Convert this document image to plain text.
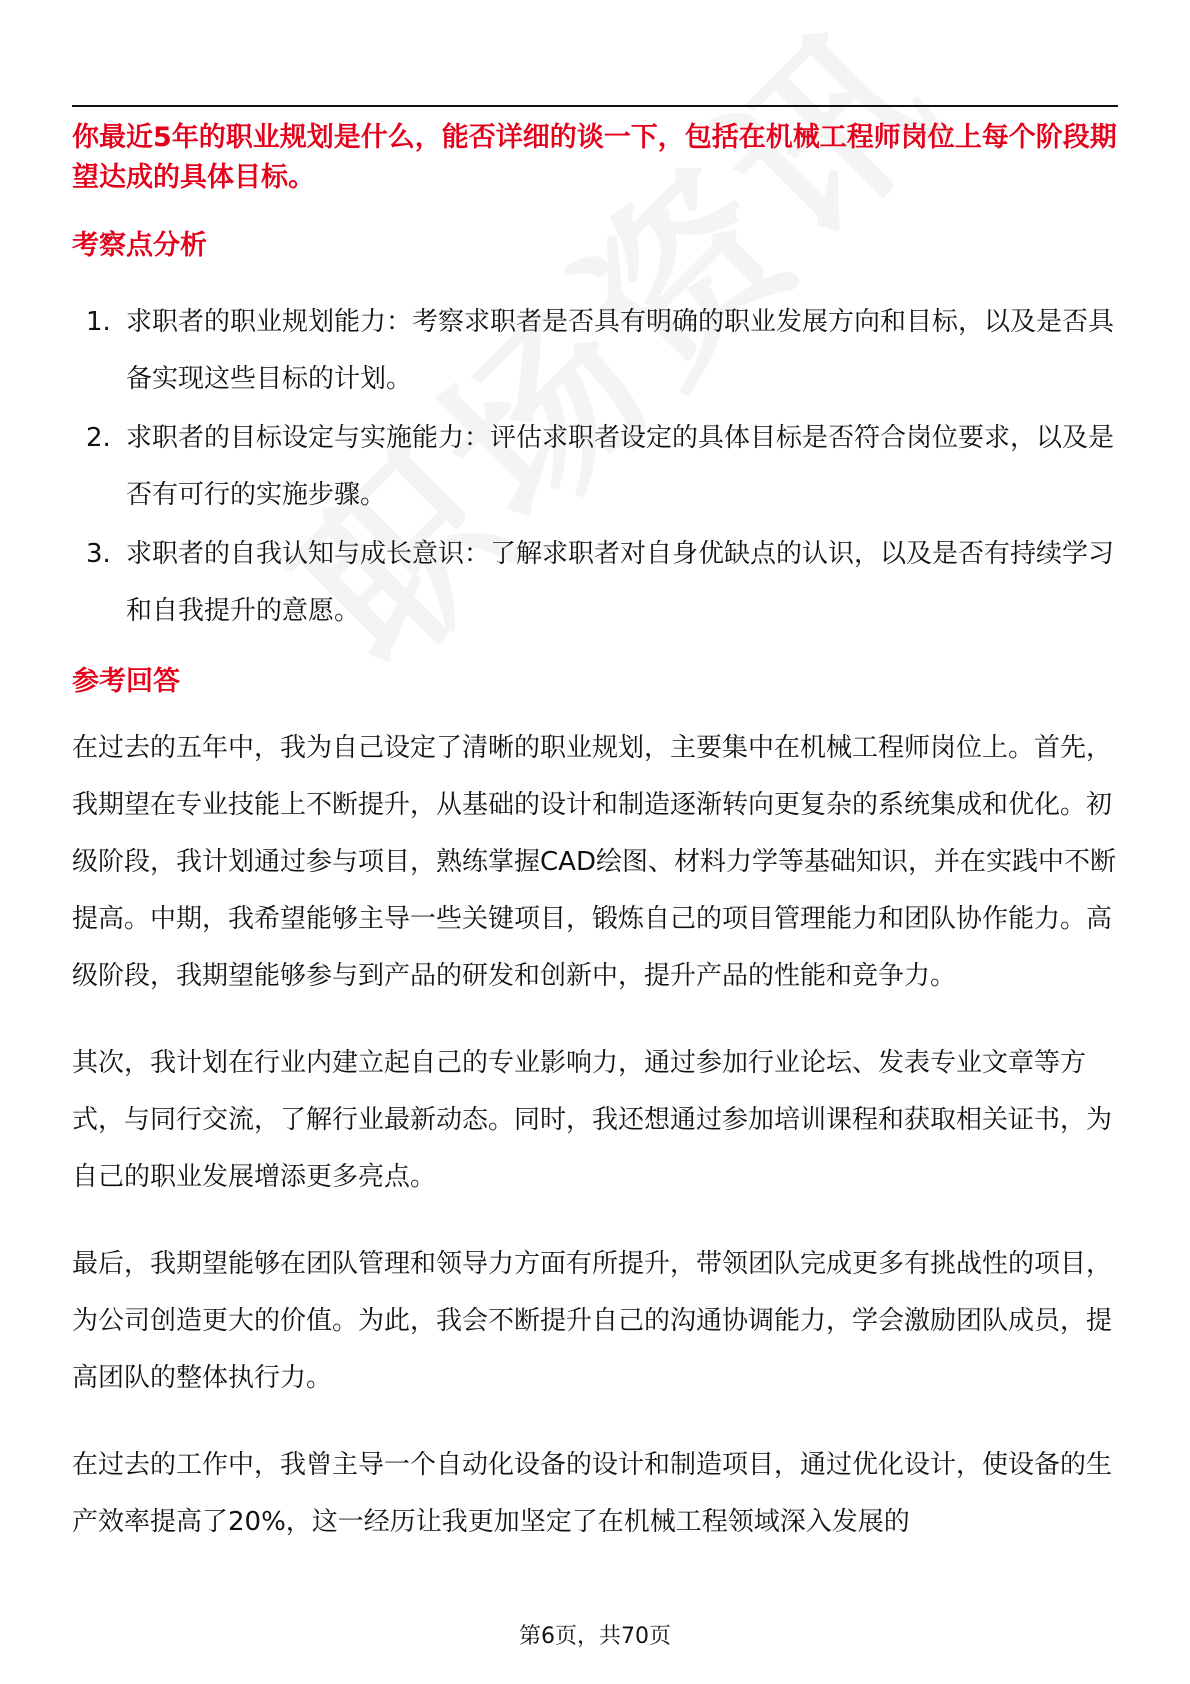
你最近5年的职业规划是什么，能否详细的谈一下，包括在机械工程师岗位上每个阶段期望达成的具体目标。

考察点分析

1. 求职者的职业规划能力：考察求职者是否具有明确的职业发展方向和目标，以及是否具备实现这些目标的计划。
2. 求职者的目标设定与实施能力：评估求职者设定的具体目标是否符合岗位要求，以及是否有可行的实施步骤。
3. 求职者的自我认知与成长意识：了解求职者对自身优缺点的认识，以及是否有持续学习和自我提升的意愿。

参考回答

在过去的五年中，我为自己设定了清晰的职业规划，主要集中在机械工程师岗位上。首先，我期望在专业技能上不断提升，从基础的设计和制造逐渐转向更复杂的系统集成和优化。初级阶段，我计划通过参与项目，熟练掌握CAD绘图、材料力学等基础知识，并在实践中不断提高。中期，我希望能够主导一些关键项目，锻炼自己的项目管理能力和团队协作能力。高级阶段，我期望能够参与到产品的研发和创新中，提升产品的性能和竞争力。

其次，我计划在行业内建立起自己的专业影响力，通过参加行业论坛、发表专业文章等方式，与同行交流，了解行业最新动态。同时，我还想通过参加培训课程和获取相关证书，为自己的职业发展增添更多亮点。

最后，我期望能够在团队管理和领导力方面有所提升，带领团队完成更多有挑战性的项目，为公司创造更大的价值。为此，我会不断提升自己的沟通协调能力，学会激励团队成员，提高团队的整体执行力。

在过去的工作中，我曾主导一个自动化设备的设计和制造项目，通过优化设计，使设备的生产效率提高了20%，这一经历让我更加坚定了在机械工程领域深入发展的

第6页，共70页
